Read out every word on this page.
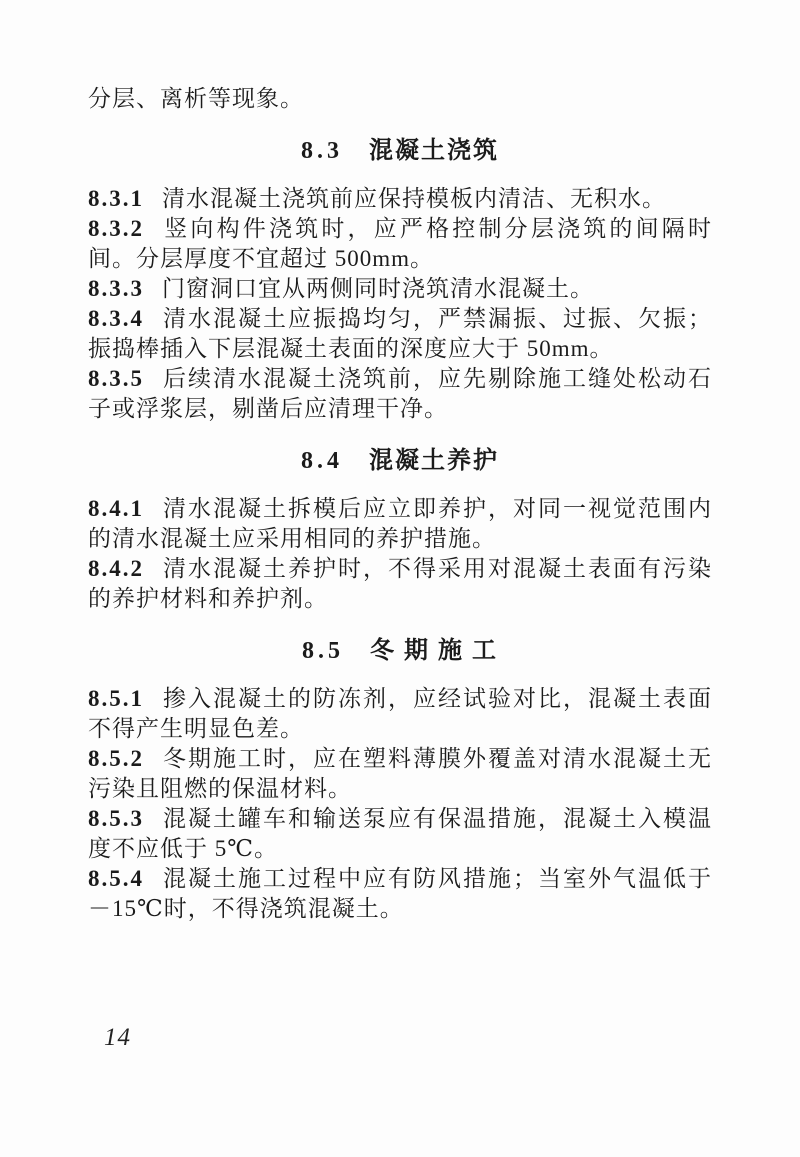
分层、离析等现象。

8.3 混凝土浇筑

8.3.1 清水混凝土浇筑前应保持模板内清洁、无积水。

8.3.2 竖向构件浇筑时，应严格控制分层浇筑的间隔时间。分层厚度不宜超过 500mm。

8.3.3 门窗洞口宜从两侧同时浇筑清水混凝土。

8.3.4 清水混凝土应振捣均匀，严禁漏振、过振、欠振；振捣棒插入下层混凝土表面的深度应大于 50mm。

8.3.5 后续清水混凝土浇筑前，应先剔除施工缝处松动石子或浮浆层，剔凿后应清理干净。

8.4 混凝土养护

8.4.1 清水混凝土拆模后应立即养护，对同一视觉范围内的清水混凝土应采用相同的养护措施。

8.4.2 清水混凝土养护时，不得采用对混凝土表面有污染的养护材料和养护剂。

8.5 冬 期 施 工

8.5.1 掺入混凝土的防冻剂，应经试验对比，混凝土表面不得产生明显色差。

8.5.2 冬期施工时，应在塑料薄膜外覆盖对清水混凝土无污染且阻燃的保温材料。

8.5.3 混凝土罐车和输送泵应有保温措施，混凝土入模温度不应低于 5℃。

8.5.4 混凝土施工过程中应有防风措施；当室外气温低于－15℃时，不得浇筑混凝土。

14
